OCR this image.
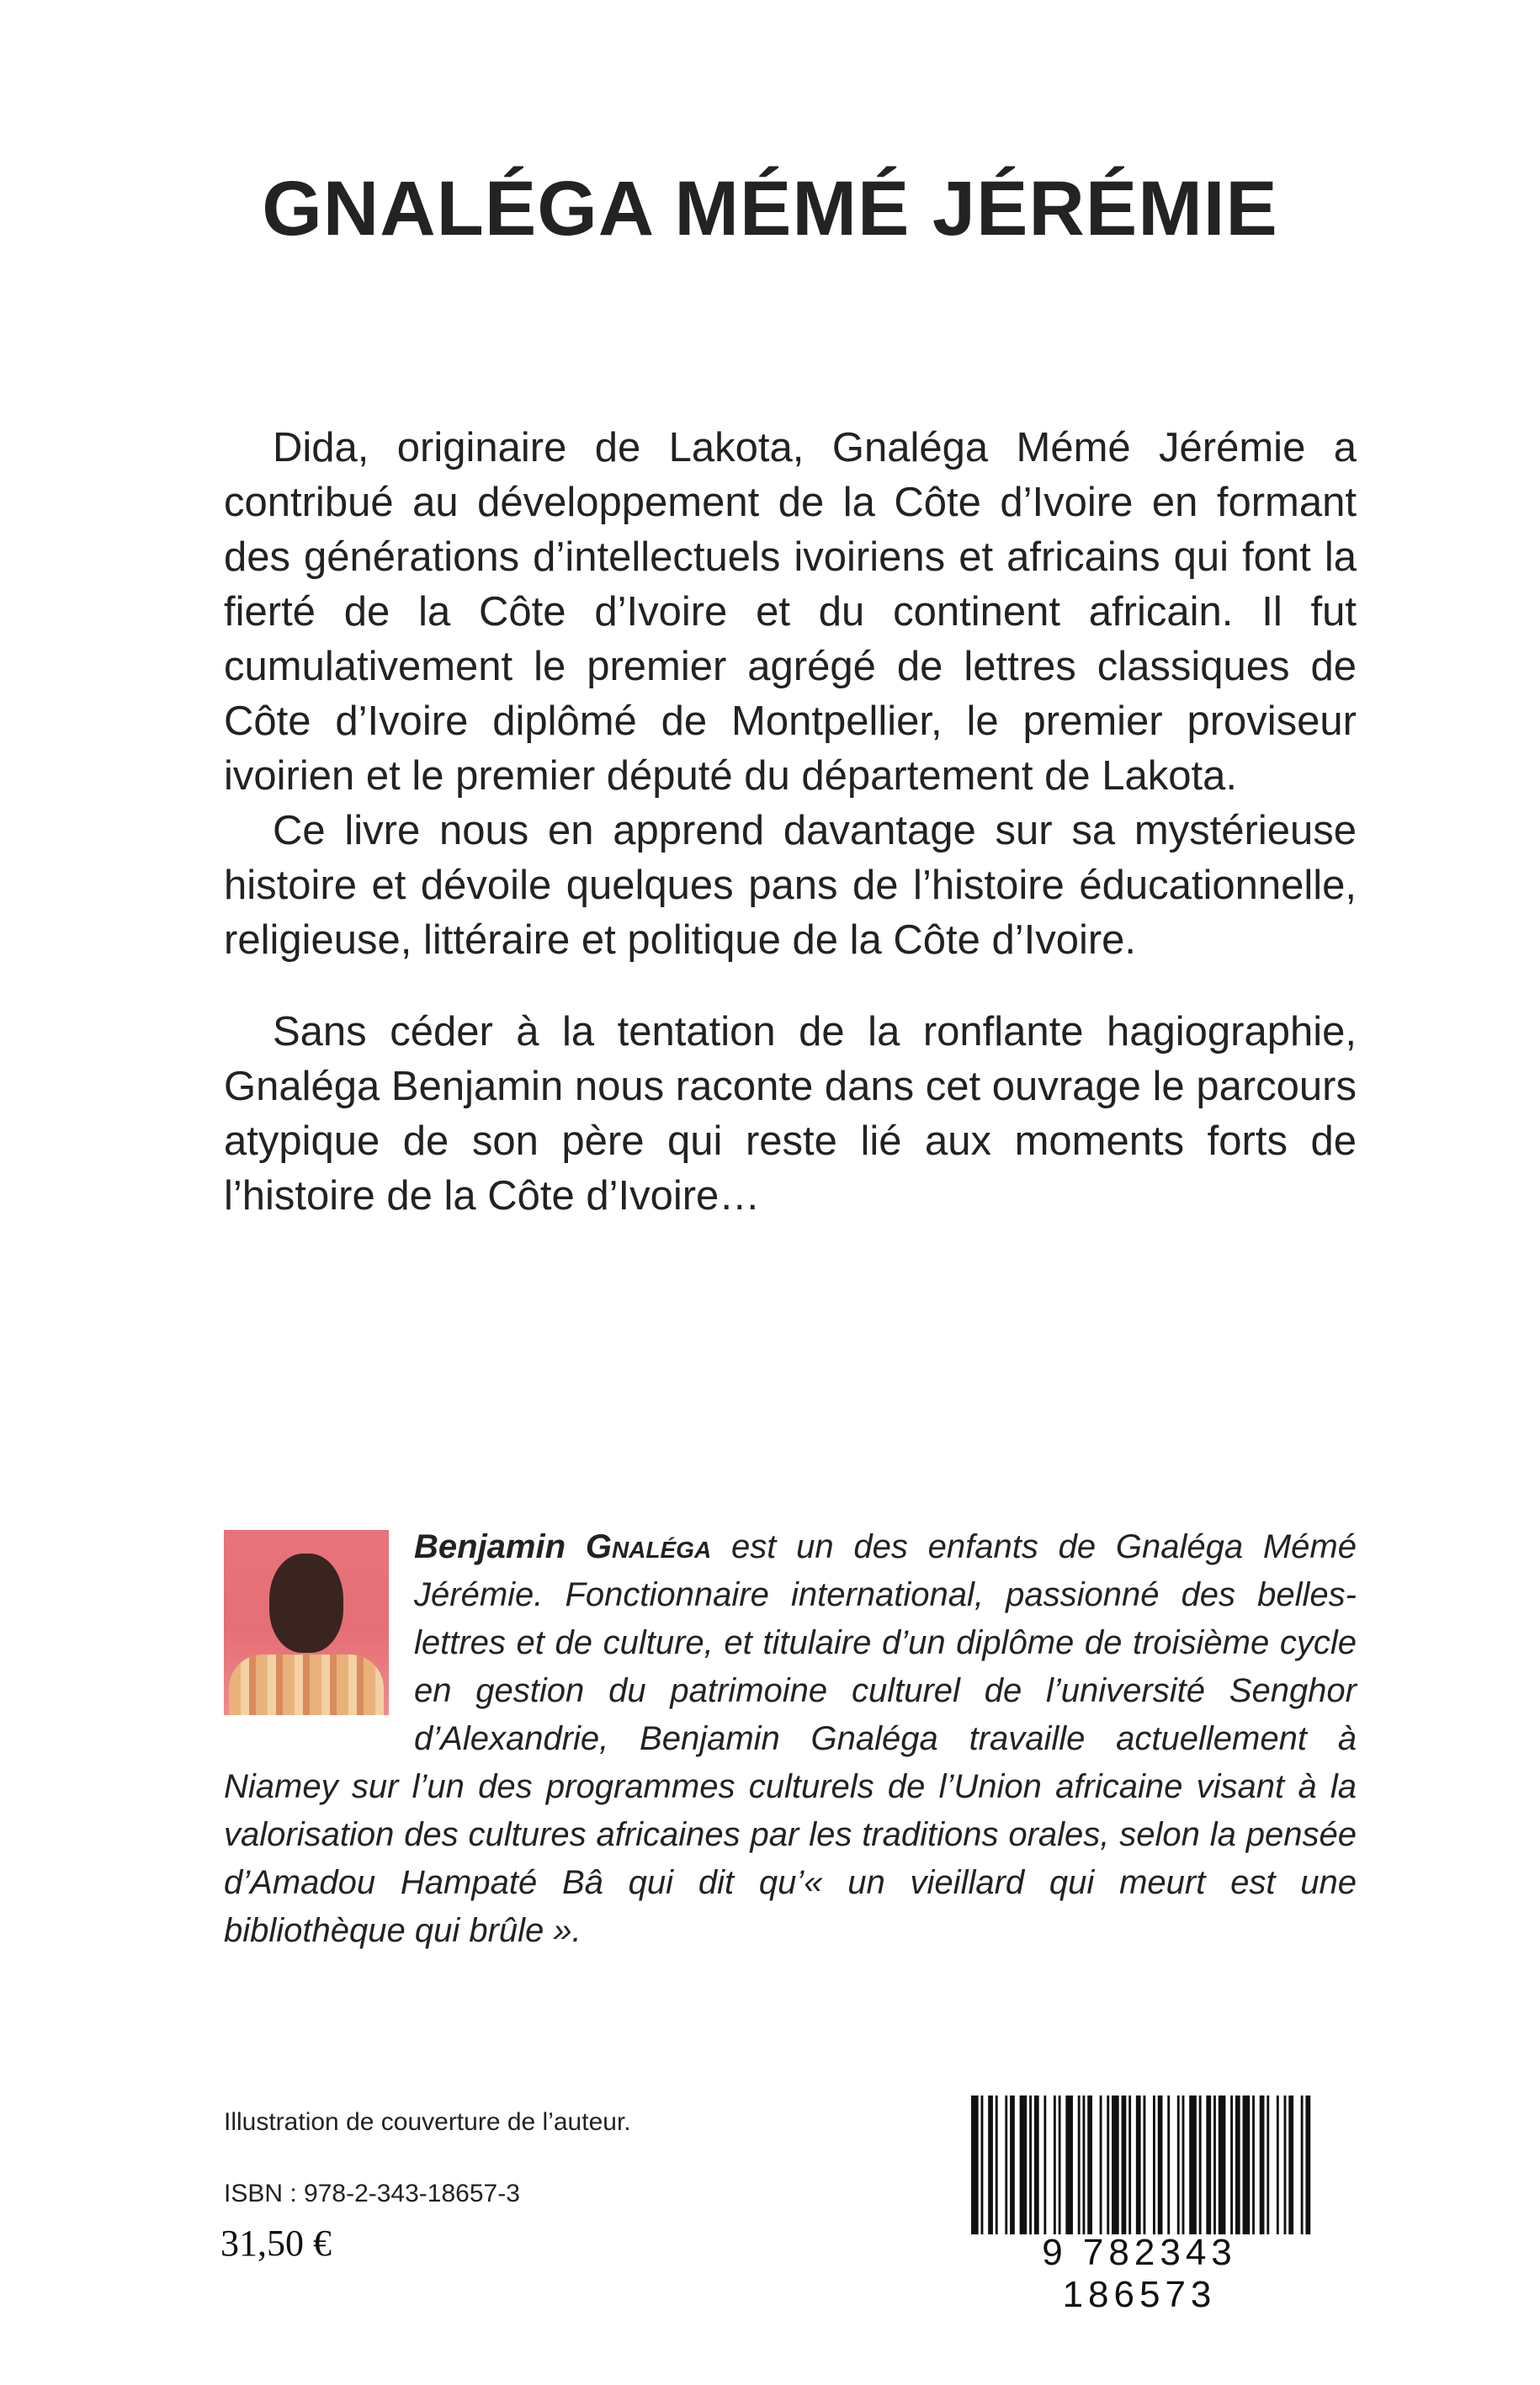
GNALÉGA MÉMÉ JÉRÉMIE

Dida, originaire de Lakota, Gnaléga Mémé Jérémie a contribué au développement de la Côte d’Ivoire en formant des générations d’intellectuels ivoiriens et africains qui font la fierté de la Côte d’Ivoire et du continent africain. Il fut cumulativement le premier agrégé de lettres classiques de Côte d’Ivoire diplômé de Montpellier, le premier proviseur ivoirien et le premier député du département de Lakota.

Ce livre nous en apprend davantage sur sa mystérieuse histoire et dévoile quelques pans de l’histoire éducationnelle, religieuse, littéraire et politique de la Côte d’Ivoire.

Sans céder à la tentation de la ronflante hagiographie, Gnaléga Benjamin nous raconte dans cet ouvrage le parcours atypique de son père qui reste lié aux moments forts de l’histoire de la Côte d’Ivoire…

Benjamin Gnaléga est un des enfants de Gnaléga Mémé Jérémie. Fonctionnaire international, passionné des belles-lettres et de culture, et titulaire d’un diplôme de troisième cycle en gestion du patrimoine culturel de l’université Senghor d’Alexandrie, Benjamin Gnaléga travaille actuellement à Niamey sur l’un des programmes culturels de l’Union africaine visant à la valorisation des cultures africaines par les traditions orales, selon la pensée d’Amadou Hampaté Bâ qui dit qu’« un vieillard qui meurt est une bibliothèque qui brûle ».
Illustration de couverture de l’auteur.
ISBN : 978-2-343-18657-3
31,50 €	9 782343 186573
